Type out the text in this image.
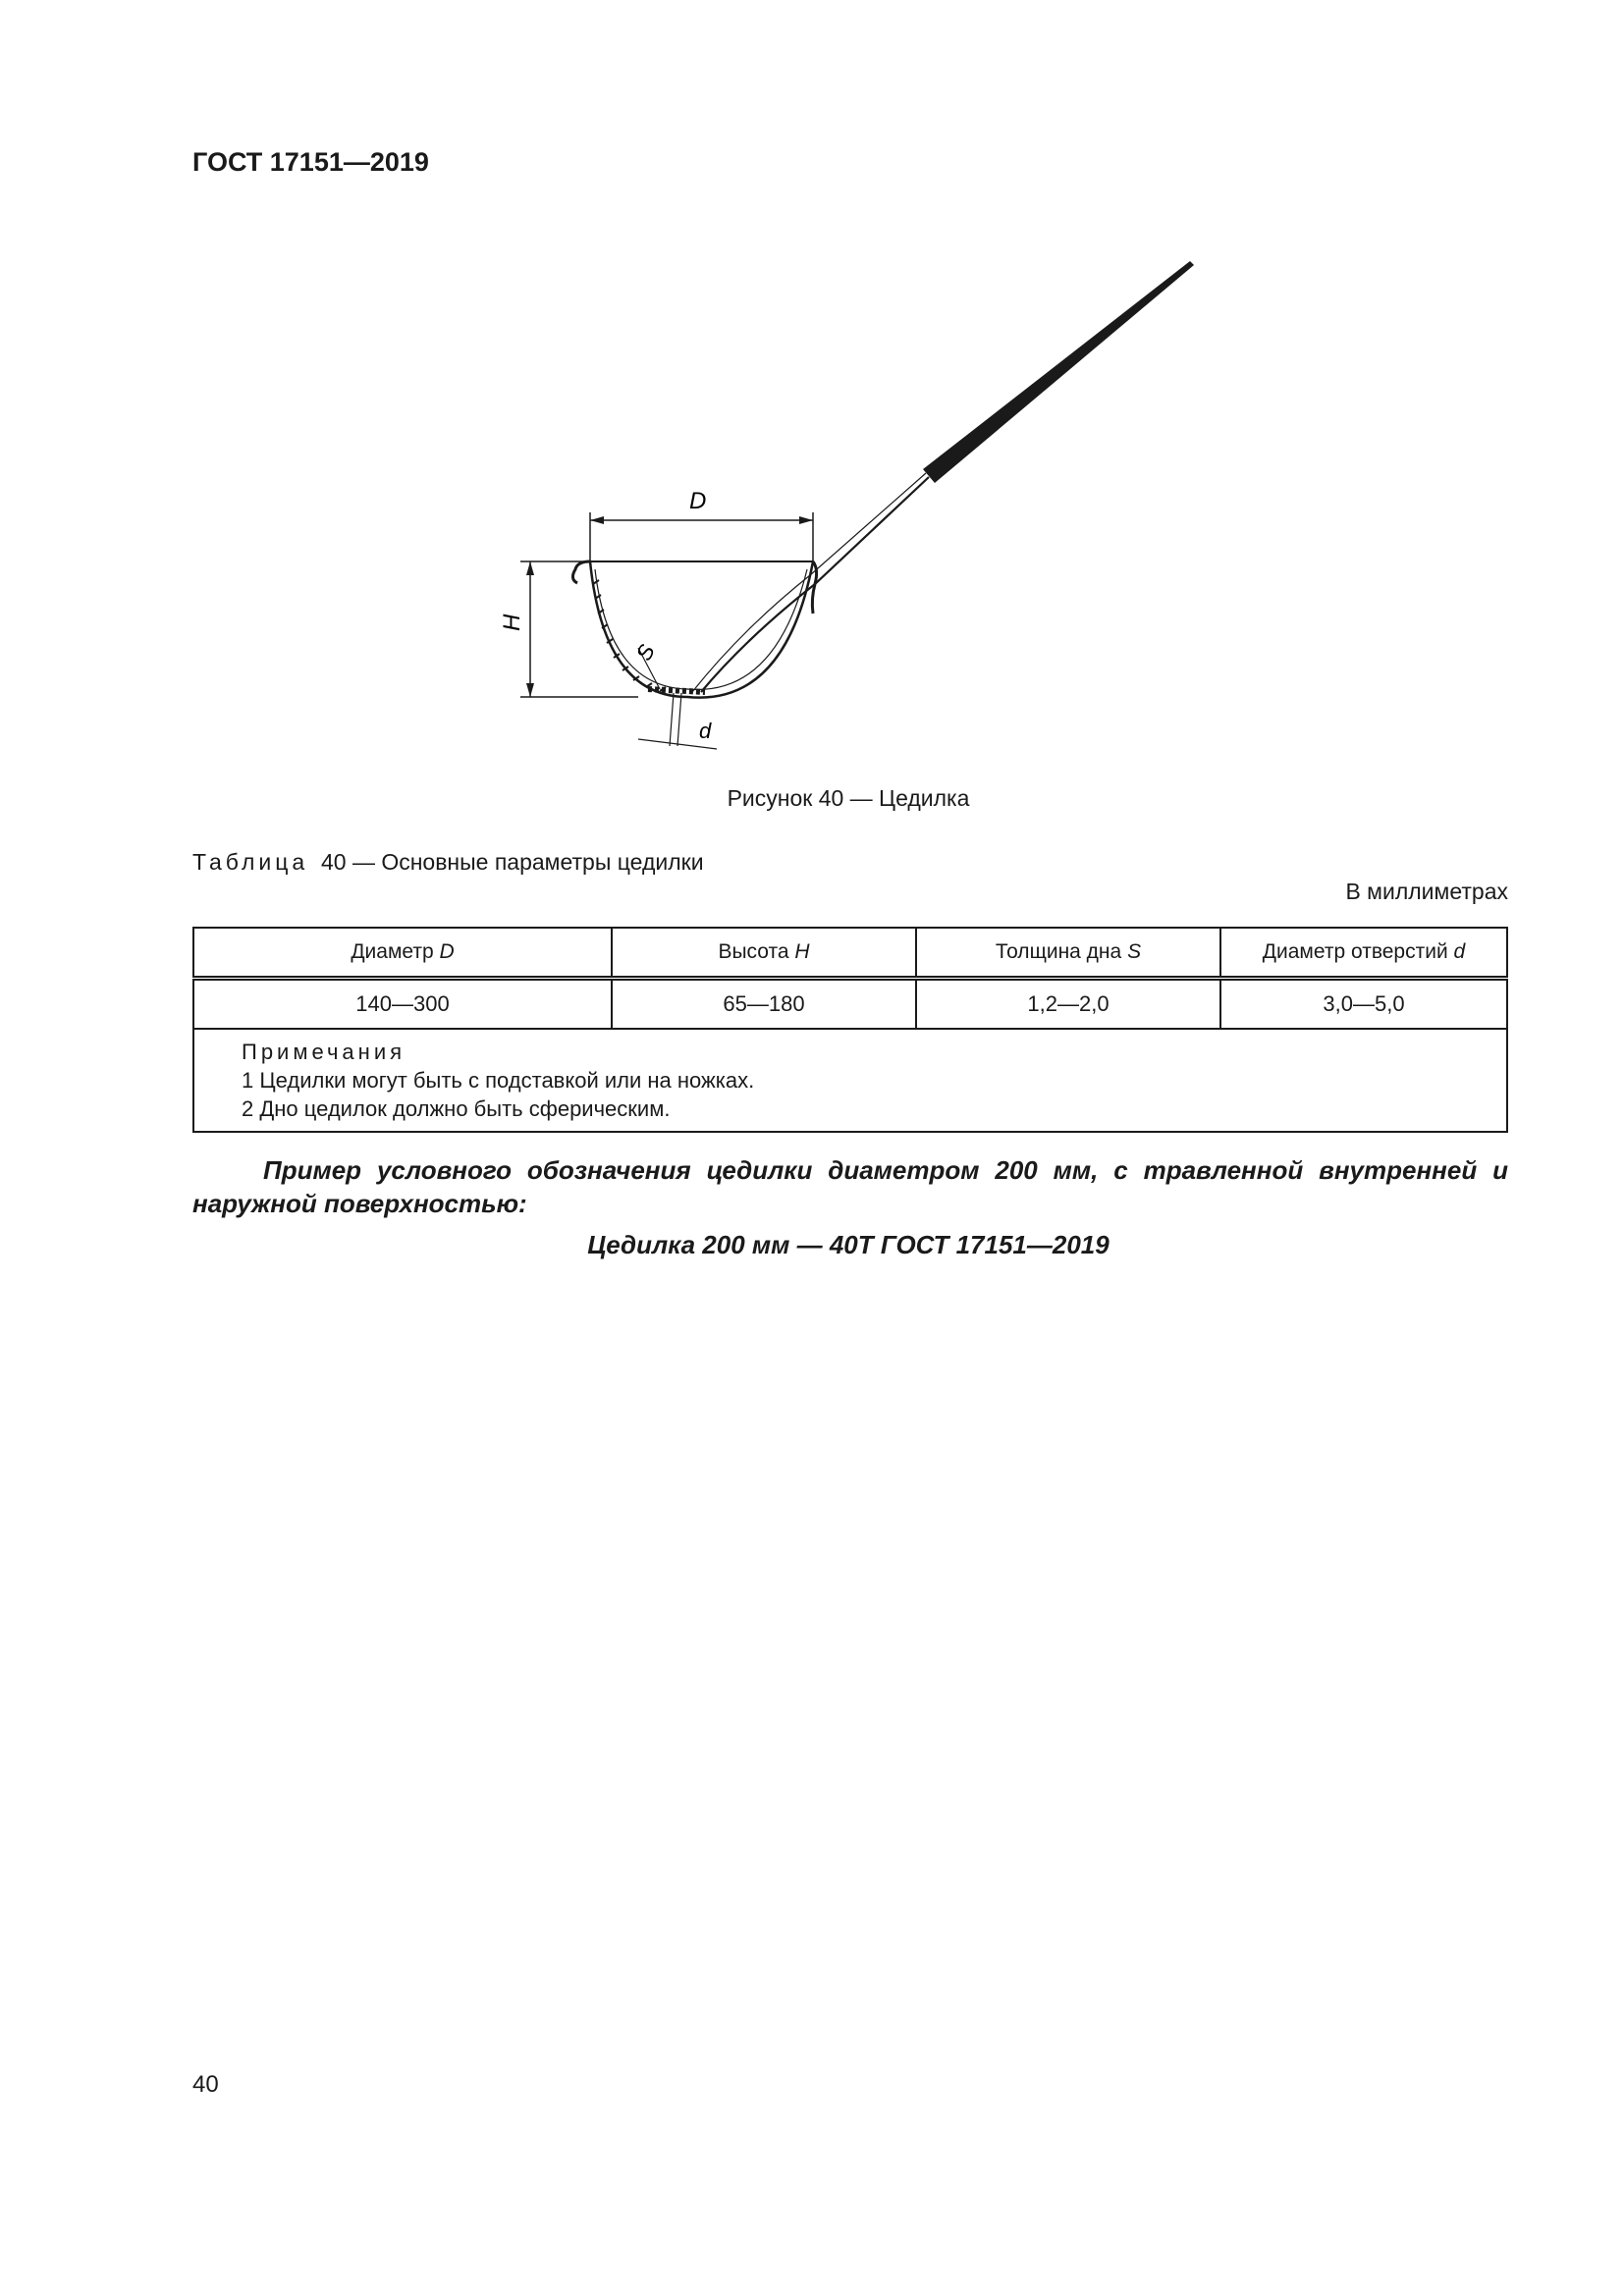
ГОСТ 17151—2019
D
H
S
d
Рисунок 40 — Цедилка
Таблица 40 — Основные параметры цедилки
В миллиметрах
Диаметр D	Высота H	Толщина дна S	Диаметр отверстий d
140—300	65—180	1,2—2,0	3,0—5,0

Примечания
1 Цедилки могут быть с подставкой или на ножках.
2 Дно цедилок должно быть сферическим.			
Пример условного обозначения цедилки диаметром 200 мм, с травленной внутренней и наружной поверхностью:
Цедилка 200 мм — 40Т ГОСТ 17151—2019
40
